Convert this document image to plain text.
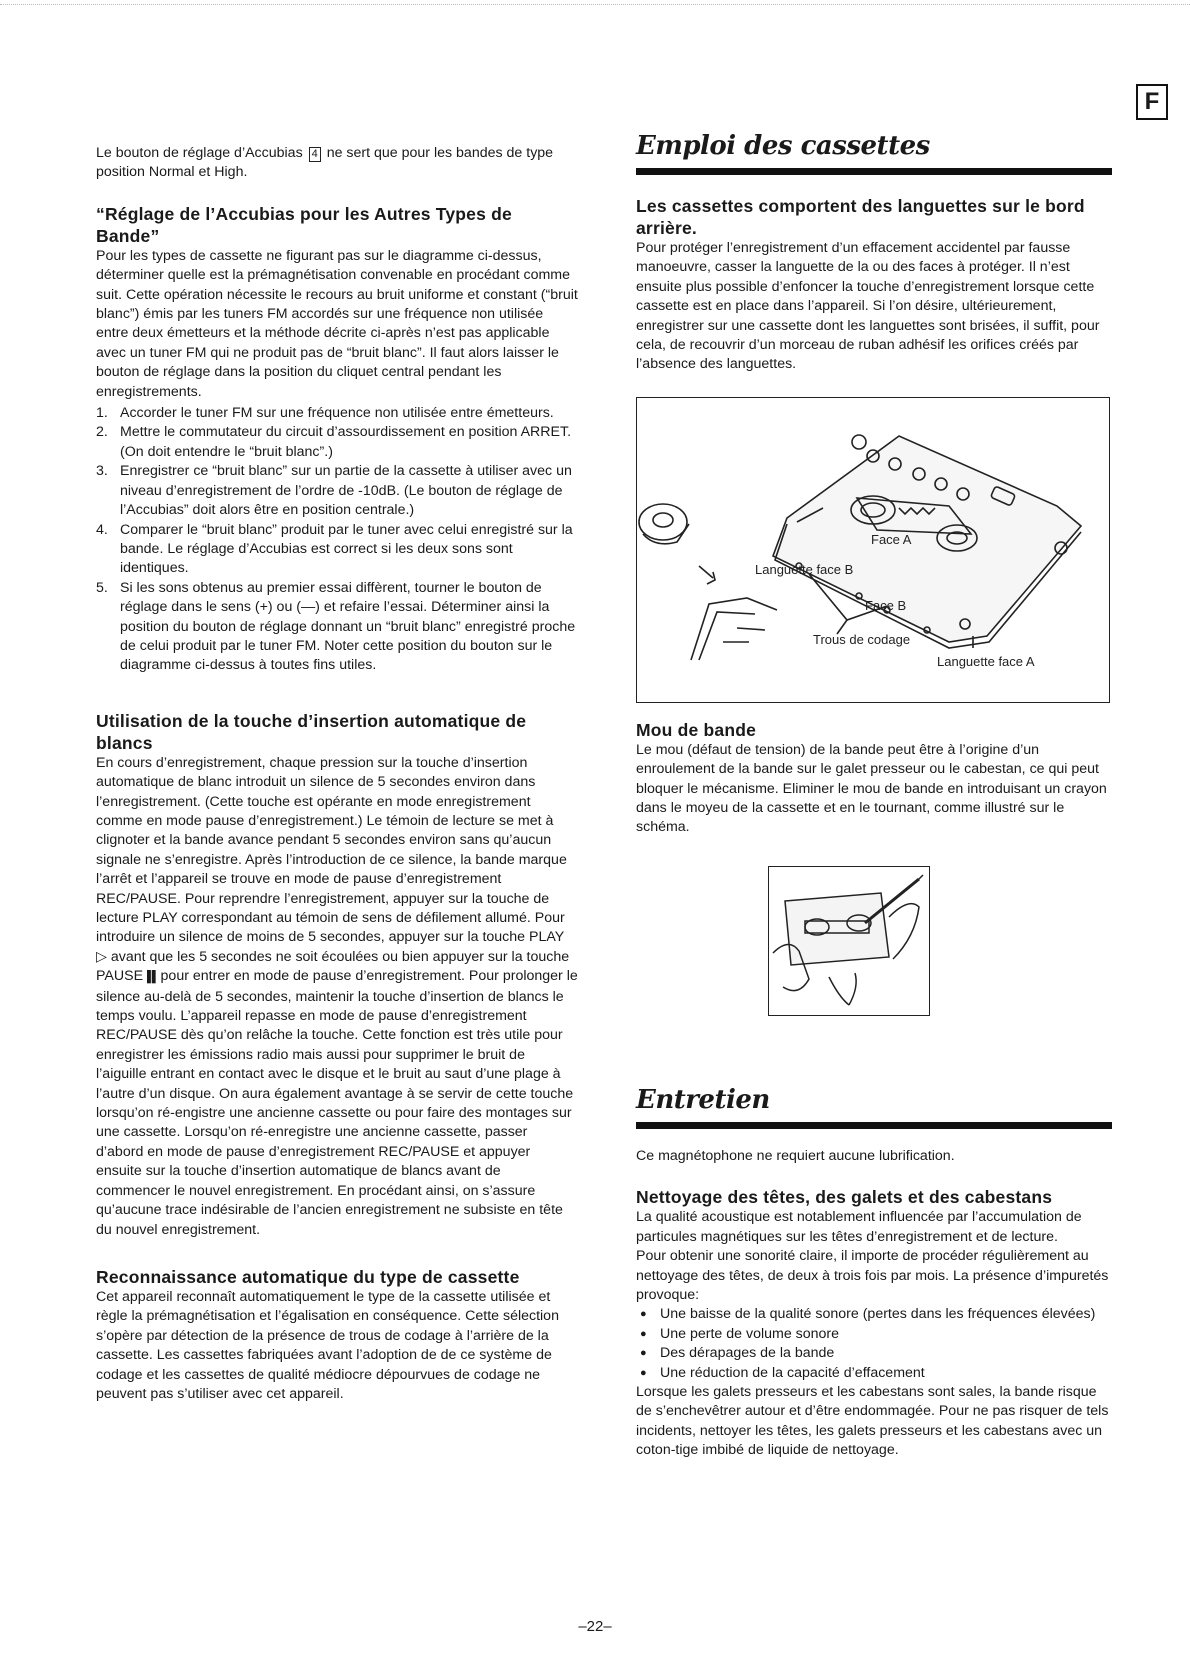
F

Le bouton de réglage d’Accubias 4 ne sert que pour les bandes de type position Normal et High.

“Réglage de l’Accubias pour les Autres Types de Bande”

Pour les types de cassette ne figurant pas sur le diagramme ci-dessus, déterminer quelle est la prémagnétisation convenable en procédant comme suit. Cette opération nécessite le recours au bruit uniforme et constant (“bruit blanc”) émis par les tuners FM accordés sur une fréquence non utilisée entre deux émetteurs et la méthode décrite ci-après n’est pas applicable avec un tuner FM qui ne produit pas de “bruit blanc”. Il faut alors laisser le bouton de réglage dans la position du cliquet central pendant les enregistrements.

1. Accorder le tuner FM sur une fréquence non utilisée entre émetteurs.
2. Mettre le commutateur du circuit d’assourdissement en position ARRET. (On doit entendre le “bruit blanc”.)
3. Enregistrer ce “bruit blanc” sur un partie de la cassette à utiliser avec un niveau d’enregistrement de l’ordre de -10dB. (Le bouton de réglage de l’Accubias” doit alors être en position centrale.)
4. Comparer le “bruit blanc” produit par le tuner avec celui enregistré sur la bande. Le réglage d’Accubias est correct si les deux sons sont identiques.
5. Si les sons obtenus au premier essai diffèrent, tourner le bouton de réglage dans le sens (+) ou (—) et refaire l’essai. Déterminer ainsi la position du bouton de réglage donnant un “bruit blanc” enregistré proche de celui produit par le tuner FM. Noter cette position du bouton sur le diagramme ci-dessus à toutes fins utiles.
Utilisation de la touche d’insertion automatique de blancs

En cours d’enregistrement, chaque pression sur la touche d’insertion automatique de blanc introduit un silence de 5 secondes environ dans l’enregistrement. (Cette touche est opérante en mode enregistrement comme en mode pause d’enregistrement.) Le témoin de lecture se met à clignoter et la bande avance pendant 5 secondes environ sans qu’aucun signale ne s’enregistre. Après l’introduction de ce silence, la bande marque l’arrêt et l’appareil se trouve en mode de pause d’enregistrement REC/PAUSE. Pour reprendre l’enregistrement, appuyer sur la touche de lecture PLAY correspondant au témoin de sens de défilement allumé. Pour introduire un silence de moins de 5 secondes, appuyer sur la touche PLAY ▷ avant que les 5 secondes ne soit écoulées ou bien appuyer sur la touche PAUSE ▌▌ pour entrer en mode de pause d’enregistrement. Pour prolonger le silence au-delà de 5 secondes, maintenir la touche d’insertion de blancs le temps voulu. L’appareil repasse en mode de pause d’enregistrement REC/PAUSE dès qu’on relâche la touche. Cette fonction est très utile pour enregistrer les émissions radio mais aussi pour supprimer le bruit de l’aiguille entrant en contact avec le disque et le bruit au saut d’une plage à l’autre d’un disque. On aura également avantage à se servir de cette touche lorsqu’on ré-engistre une ancienne cassette ou pour faire des montages sur une cassette. Lorsqu’on ré-enregistre une ancienne cassette, passer d’abord en mode de pause d’enregistrement REC/PAUSE et appuyer ensuite sur la touche d’insertion automatique de blancs avant de commencer le nouvel enregistrement. En procédant ainsi, on s’assure qu’aucune trace indésirable de l’ancien enregistrement ne subsiste en tête du nouvel enregistrement.

Reconnaissance automatique du type de cassette

Cet appareil reconnaît automatiquement le type de la cassette utilisée et règle la prémagnétisation et l’égalisation en conséquence. Cette sélection s’opère par détection de la présence de trous de codage à l’arrière de la cassette. Les cassettes fabriquées avant l’adoption de de ce système de codage et les cassettes de qualité médiocre dépourvues de codage ne peuvent pas s’utiliser avec cet appareil.

Emploi des cassettes
Les cassettes comportent des languettes sur le bord arrière.

Pour protéger l’enregistrement d’un effacement accidentel par fausse manoeuvre, casser la languette de la ou des faces à protéger. Il n’est ensuite plus possible d’enfoncer la touche d’enregistrement lorsque cette cassette est en place dans l’appareil. Si l’on désire, ultérieurement, enregistrer sur une cassette dont les languettes sont brisées, il suffit, pour cela, de recouvrir d’un morceau de ruban adhésif les orifices créés par l’absence des languettes.

Face A
Languette face B
Face B
Trous de codage
Languette face A
Mou de bande

Le mou (défaut de tension) de la bande peut être à l’origine d’un enroulement de la bande sur le galet presseur ou le cabestan, ce qui peut bloquer le mécanisme. Eliminer le mou de bande en introduisant un crayon dans le moyeu de la cassette et en le tournant, comme illustré sur le schéma.

Entretien

Ce magnétophone ne requiert aucune lubrification.

Nettoyage des têtes, des galets et des cabestans

La qualité acoustique est notablement influencée par l’accumulation de particules magnétiques sur les têtes d’enregistrement et de lecture.

Pour obtenir une sonorité claire, il importe de procéder régulièrement au nettoyage des têtes, de deux à trois fois par mois. La présence d’impuretés provoque:

● Une baisse de la qualité sonore (pertes dans les fréquences élevées)
● Une perte de volume sonore
● Des dérapages de la bande
● Une réduction de la capacité d’effacement

Lorsque les galets presseurs et les cabestans sont sales, la bande risque de s’enchevêtrer autour et d’être endommagée. Pour ne pas risquer de tels incidents, nettoyer les têtes, les galets presseurs et les cabestans avec un coton-tige imbibé de liquide de nettoyage.

–22–
